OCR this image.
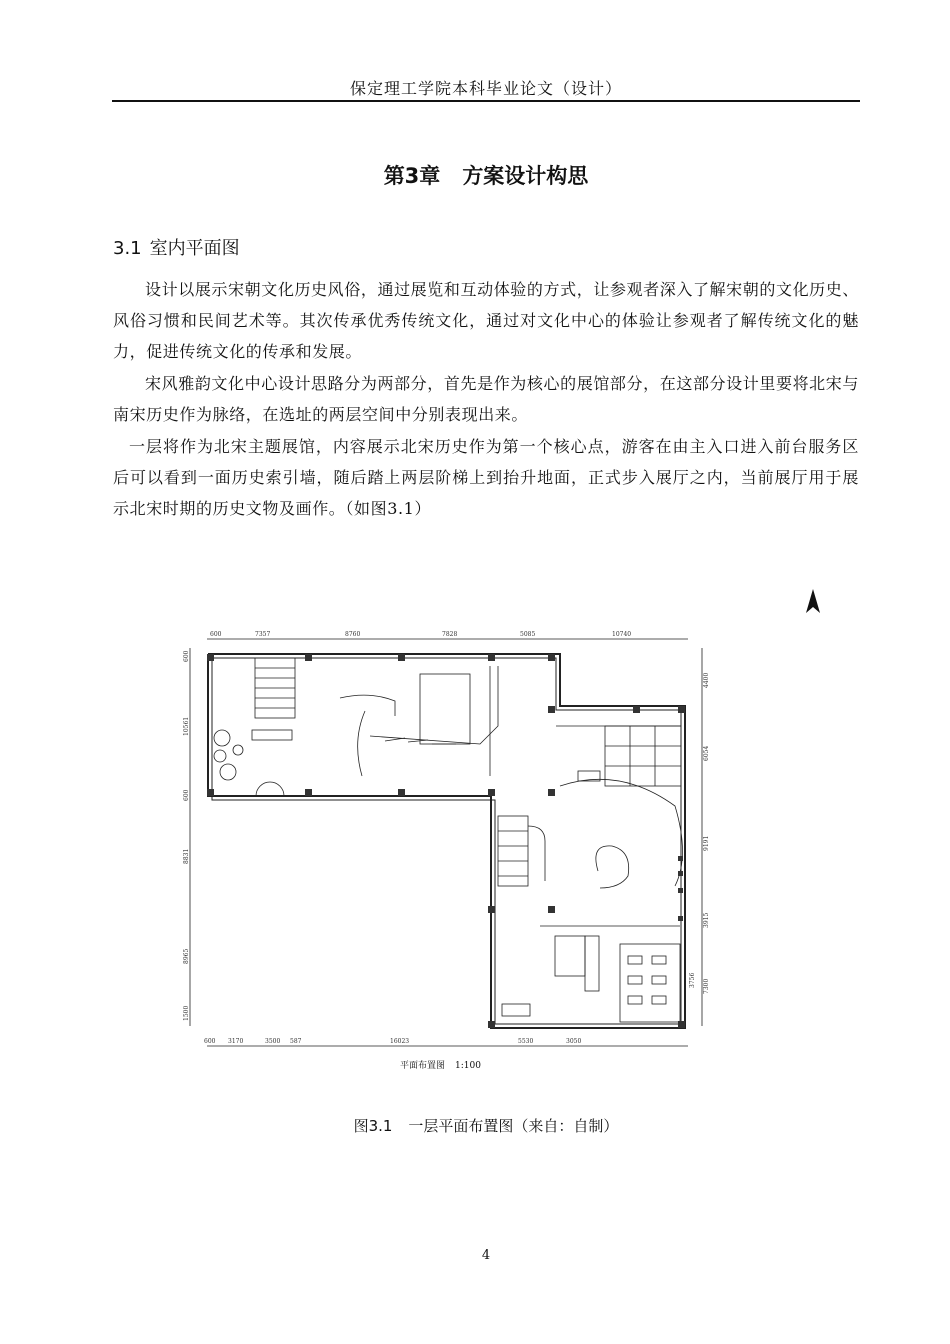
保定理工学院本科毕业论文（设计）
第3章 方案设计构思
3.1 室内平面图

设计以展示宋朝文化历史风俗，通过展览和互动体验的方式，让参观者深入了解宋朝的文化历史、风俗习惯和民间艺术等。其次传承优秀传统文化，通过对文化中心的体验让参观者了解传统文化的魅力，促进传统文化的传承和发展。

宋风雅韵文化中心设计思路分为两部分，首先是作为核心的展馆部分，在这部分设计里要将北宋与南宋历史作为脉络，在选址的两层空间中分别表现出来。

一层将作为北宋主题展馆，内容展示北宋历史作为第一个核心点，游客在由主入口进入前台服务区后可以看到一面历史索引墙，随后踏上两层阶梯上到抬升地面，正式步入展厅之内，当前展厅用于展示北宋时期的历史文物及画作。（如图3.1）

600	7357	8760	7828	5085	10740
600 3170	3500 587	16023	5530	3050
600
10561
600
8831
8965
1500
4400
6054
9191
3915
3756 7300
平面布置图 1:100
图3.1 一层平面布置图（来自：自制）
4
